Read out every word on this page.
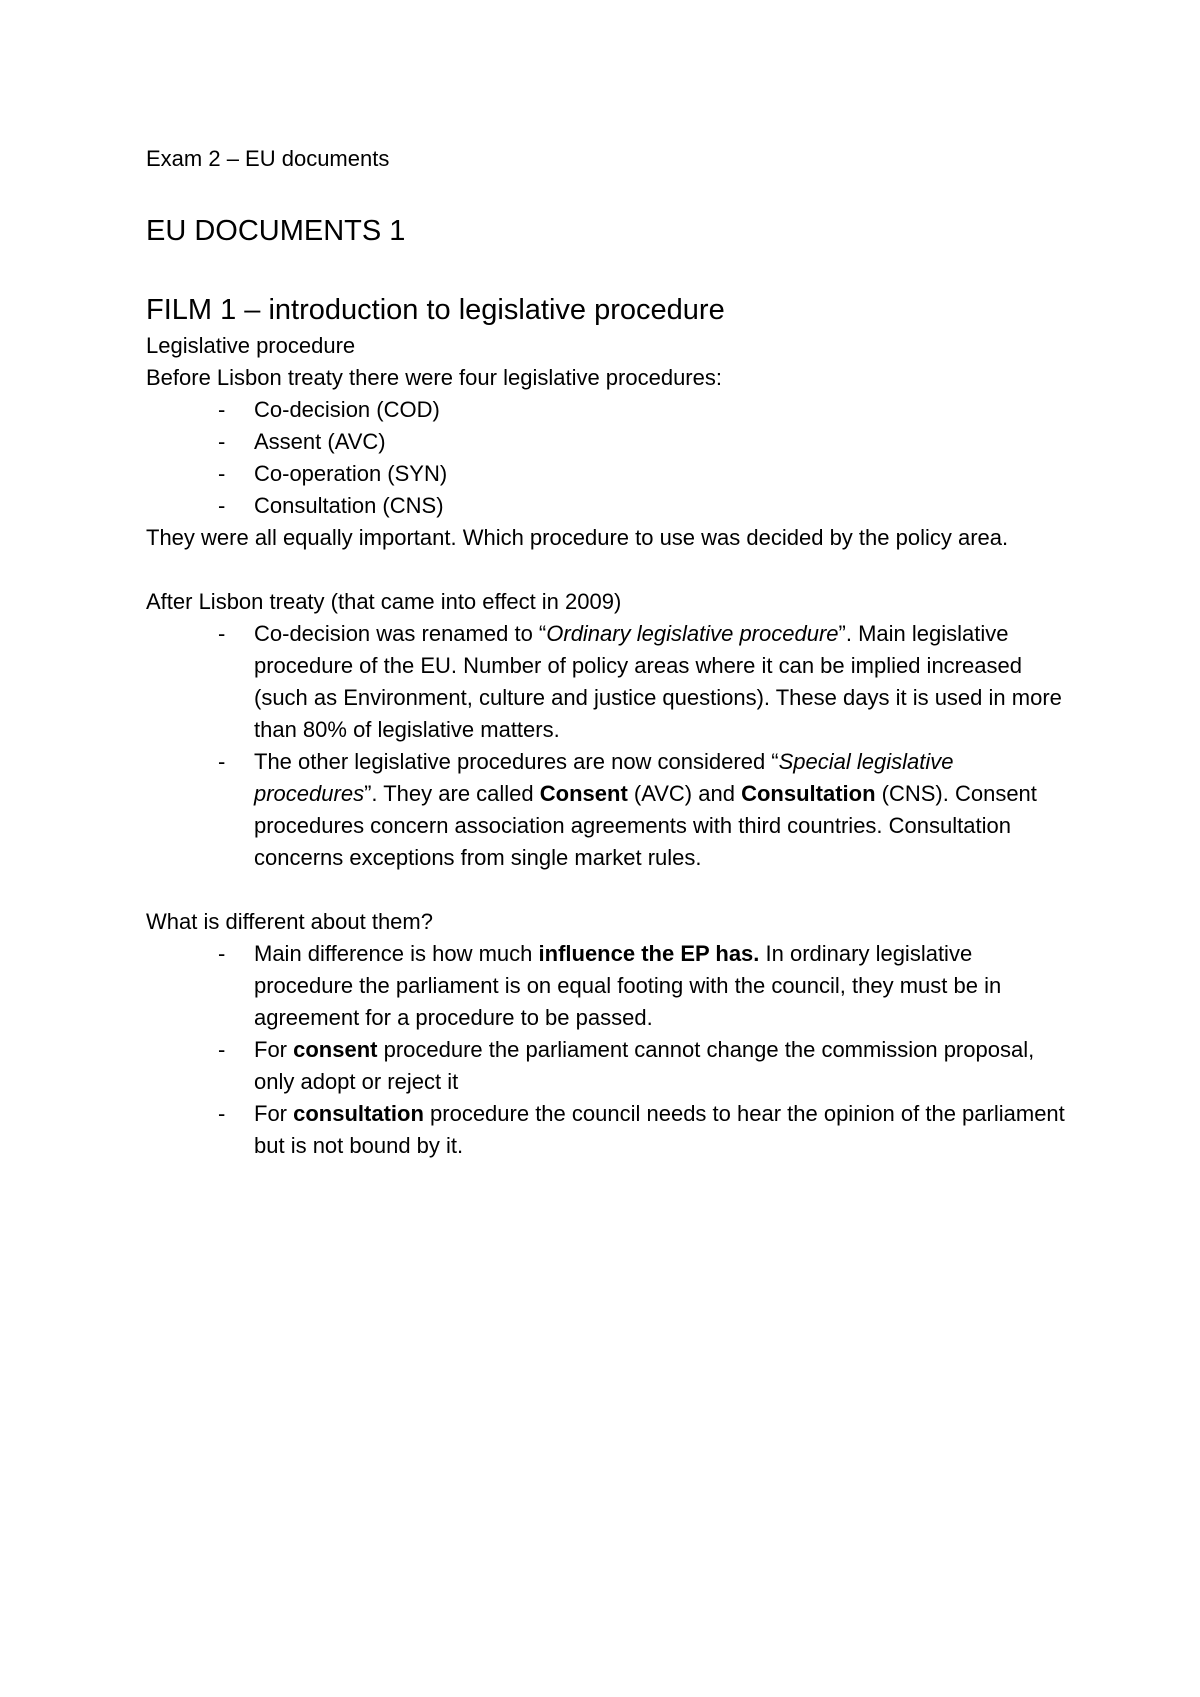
Exam 2 – EU documents

EU DOCUMENTS 1
FILM 1 – introduction to legislative procedure

Legislative procedure

Before Lisbon treaty there were four legislative procedures:

- Co-decision (COD)
- Assent (AVC)
- Co-operation (SYN)
- Consultation (CNS)

They were all equally important. Which procedure to use was decided by the policy area.

After Lisbon treaty (that came into effect in 2009)

- Co-decision was renamed to “Ordinary legislative procedure”. Main legislative procedure of the EU. Number of policy areas where it can be implied increased (such as Environment, culture and justice questions). These days it is used in more than 80% of legislative matters.
- The other legislative procedures are now considered “Special legislative procedures”. They are called Consent (AVC) and Consultation (CNS). Consent procedures concern association agreements with third countries. Consultation concerns exceptions from single market rules.

What is different about them?

- Main difference is how much influence the EP has. In ordinary legislative procedure the parliament is on equal footing with the council, they must be in agreement for a procedure to be passed.
- For consent procedure the parliament cannot change the commission proposal, only adopt or reject it
- For consultation procedure the council needs to hear the opinion of the parliament but is not bound by it.
